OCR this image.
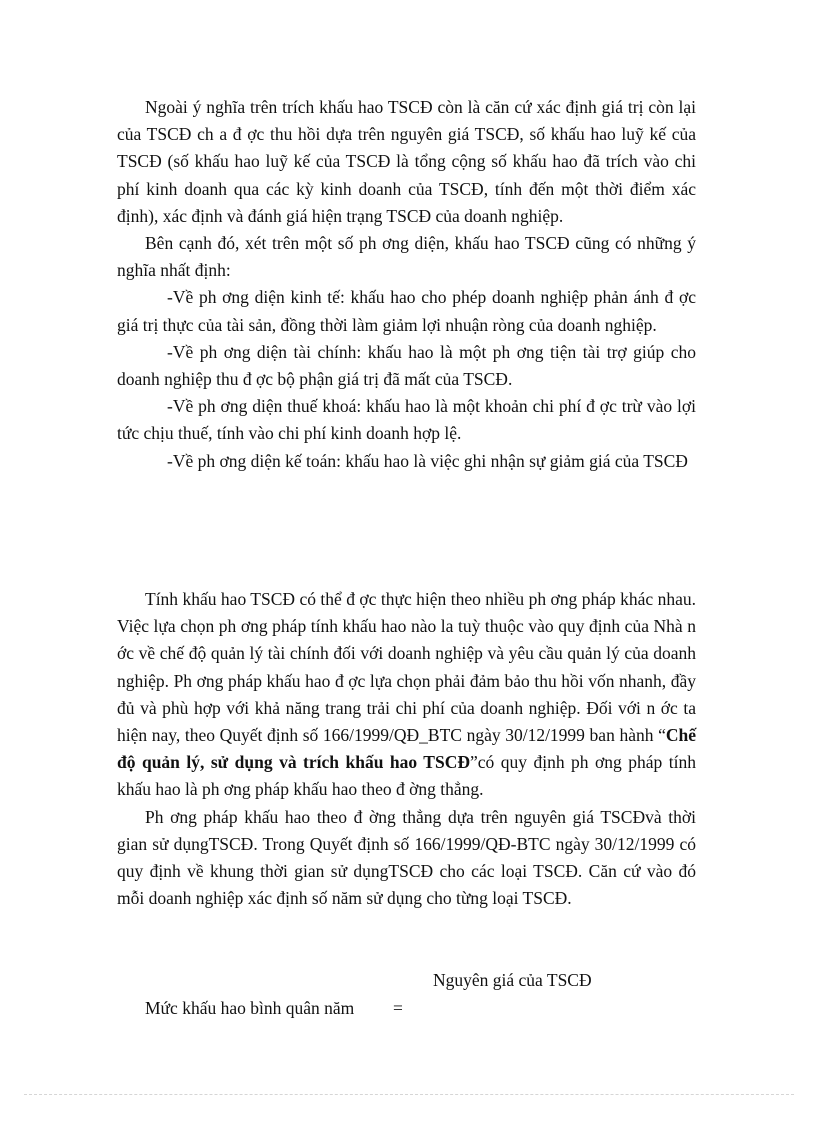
Ngoài ý nghĩa trên trích khấu hao TSCĐ còn là căn cứ xác định giá trị còn lại của TSCĐ ch a đ ợc thu hồi dựa trên nguyên giá TSCĐ, số khấu hao luỹ kế của TSCĐ (số khấu hao luỹ kế của TSCĐ là tổng cộng số khấu hao đã trích vào chi phí kinh doanh qua các kỳ kinh doanh của TSCĐ, tính đến một thời điểm xác định), xác định và đánh giá hiện trạng TSCĐ của doanh nghiệp.

Bên cạnh đó, xét trên một số ph ơng diện, khấu hao TSCĐ cũng có những ý nghĩa nhất định:

-Về ph ơng diện kinh tế: khấu hao cho phép doanh nghiệp phản ánh đ ợc giá trị thực của tài sản, đồng thời làm giảm lợi nhuận ròng của doanh nghiệp.

-Về ph ơng diện tài chính: khấu hao là một ph ơng tiện tài trợ giúp cho doanh nghiệp thu đ ợc bộ phận giá trị đã mất của TSCĐ.

-Về ph ơng diện thuế khoá: khấu hao là một khoản chi phí đ ợc trừ vào lợi tức chịu thuế, tính vào chi phí kinh doanh hợp lệ.

-Về ph ơng diện kế toán: khấu hao là việc ghi nhận sự giảm giá của TSCĐ

Tính khấu hao TSCĐ có thể đ ợc thực hiện theo nhiều ph ơng pháp khác nhau. Việc lựa chọn ph ơng pháp tính khấu hao nào la tuỳ thuộc vào quy định của Nhà n ớc về chế độ quản lý tài chính đối với doanh nghiệp và yêu cầu quản lý của doanh nghiệp. Ph ơng pháp khấu hao đ ợc lựa chọn phải đảm bảo thu hồi vốn nhanh, đầy đủ và phù hợp với khả năng trang trải chi phí của doanh nghiệp. Đối với n ớc ta hiện nay, theo Quyết định số 166/1999/QĐ_BTC ngày 30/12/1999 ban hành “Chế độ quản lý, sử dụng và trích khấu hao TSCĐ”có quy định ph ơng pháp tính khấu hao là ph ơng pháp khấu hao theo đ ờng thẳng.

Ph ơng pháp khấu hao theo đ ờng thẳng dựa trên nguyên giá TSCĐvà thời gian sử dụngTSCĐ. Trong Quyết định số 166/1999/QĐ-BTC ngày 30/12/1999 có quy định về khung thời gian sử dụngTSCĐ cho các loại TSCĐ. Căn cứ vào đó mỗi doanh nghiệp xác định số năm sử dụng cho từng loại TSCĐ.

Nguyên giá của TSCĐ
Mức khấu hao bình quân năm =
